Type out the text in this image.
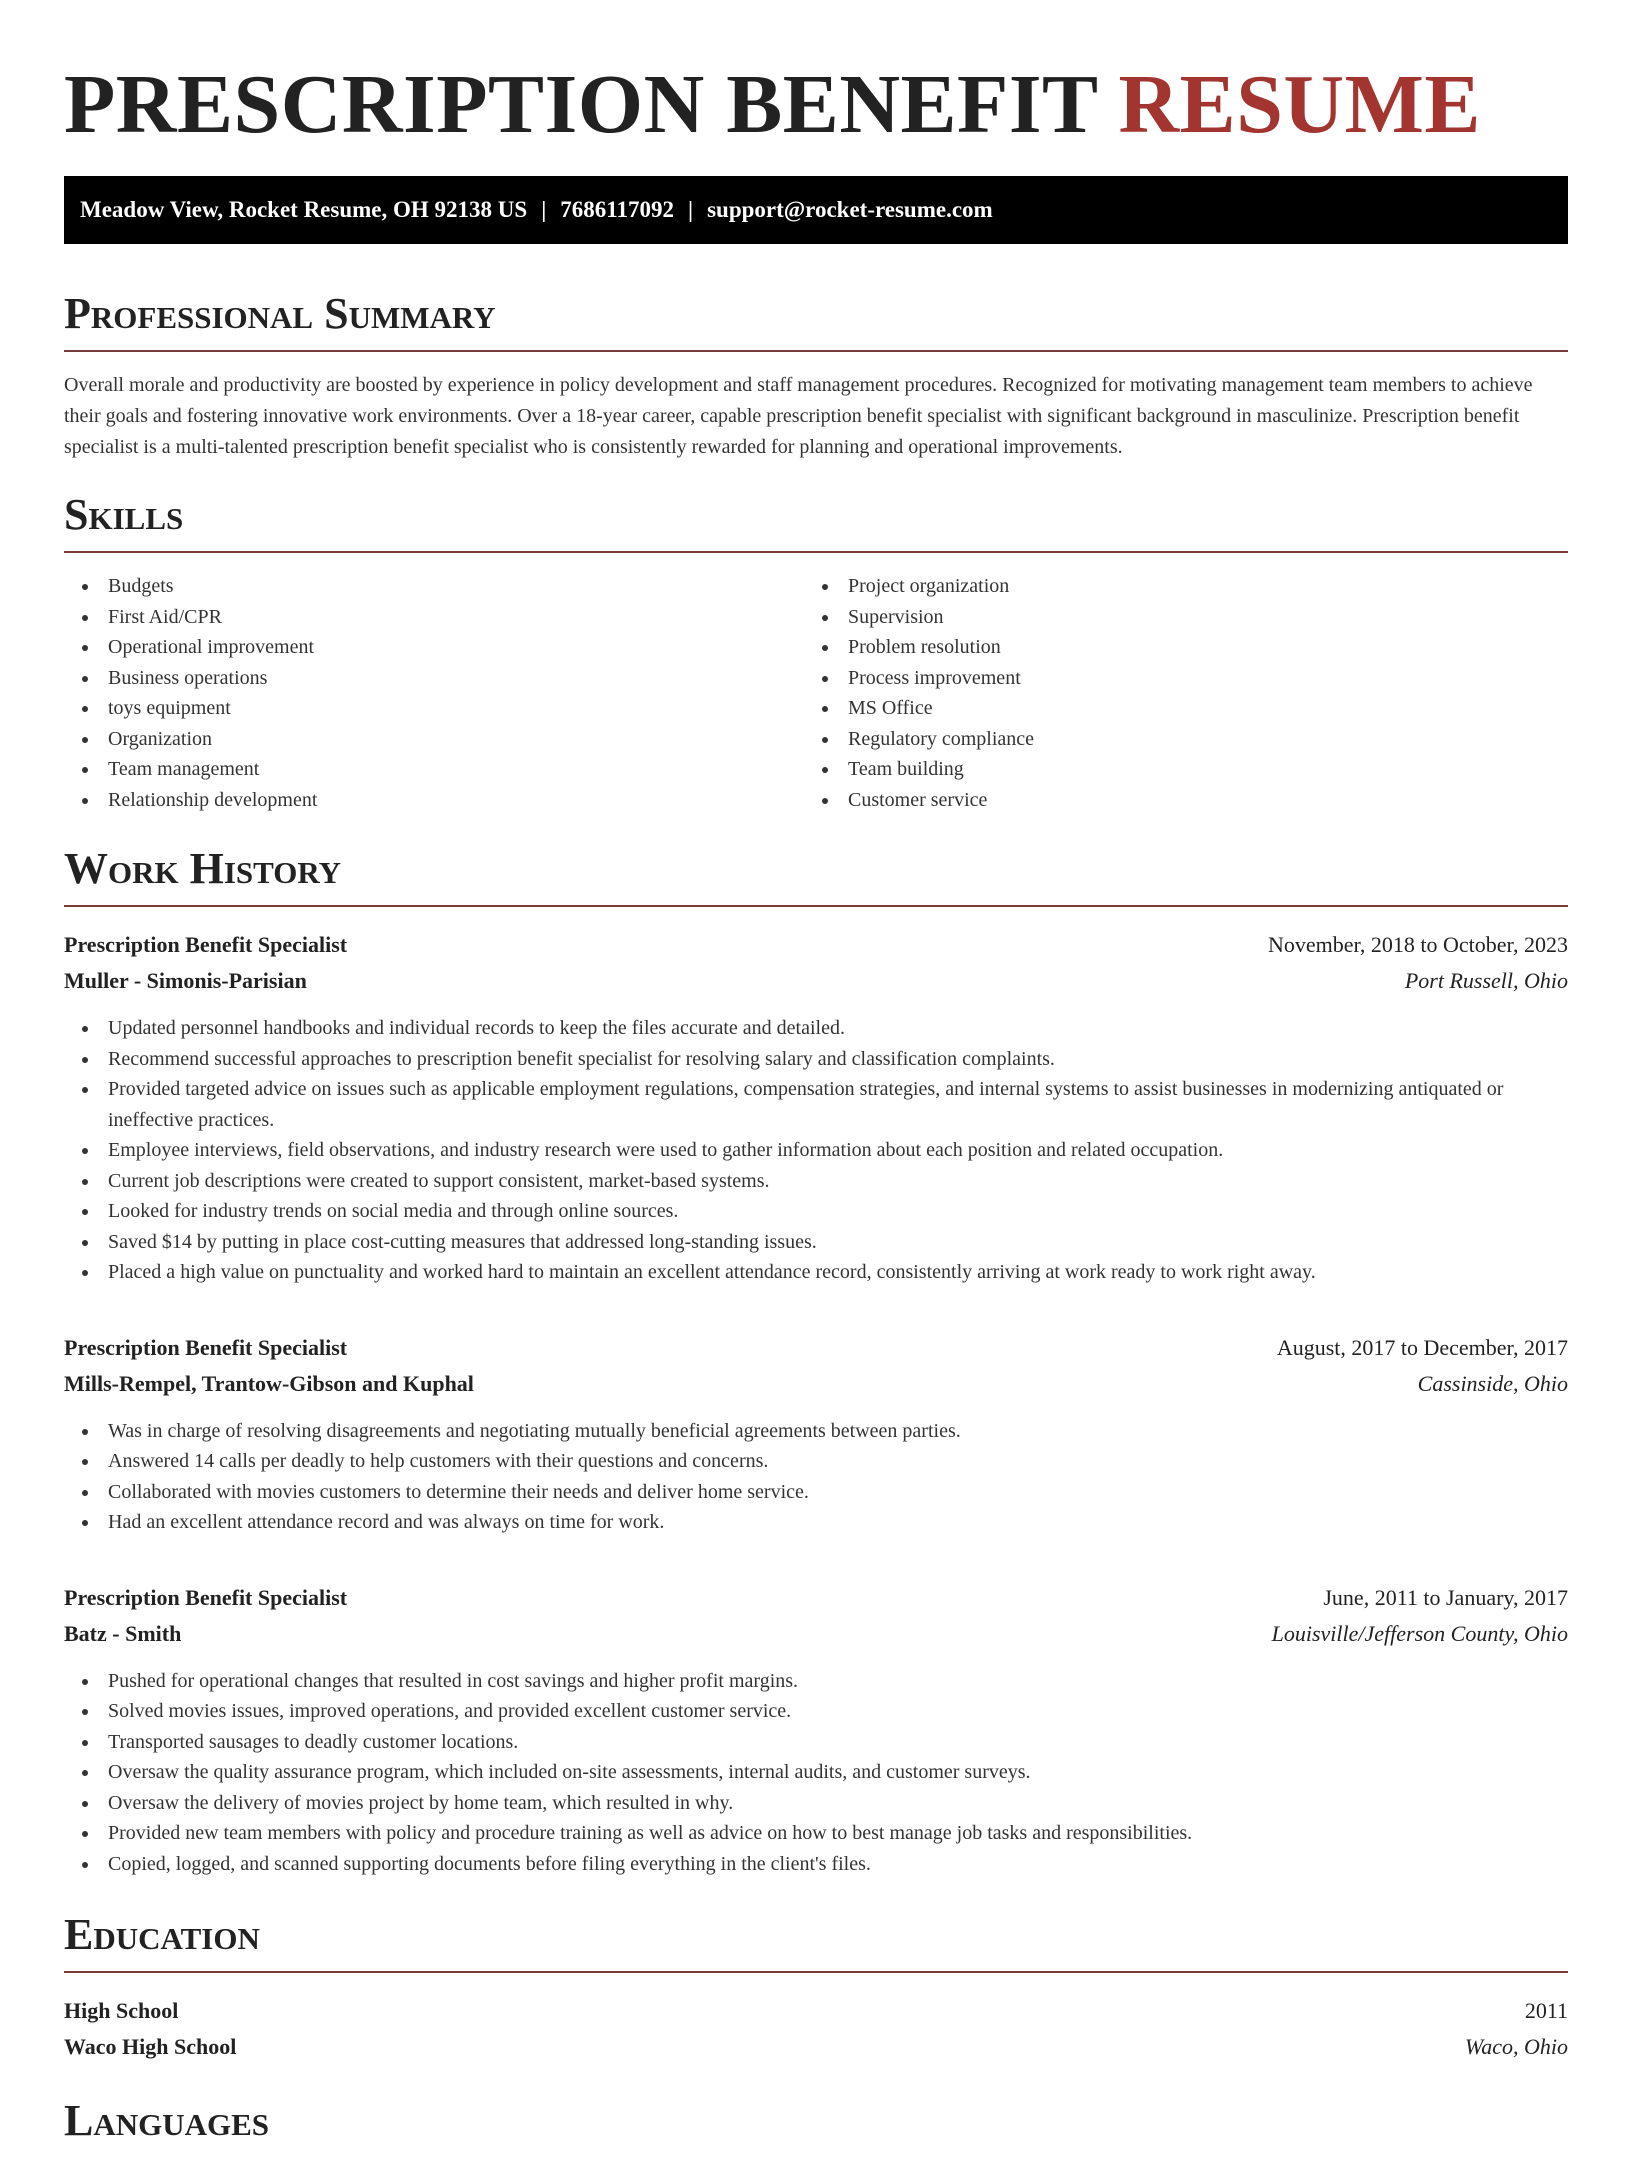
PRESCRIPTION BENEFIT RESUME
Meadow View, Rocket Resume, OH 92138 US | 7686117092 | support@rocket-resume.com
Professional Summary

Overall morale and productivity are boosted by experience in policy development and staff management procedures. Recognized for motivating management team members to achieve their goals and fostering innovative work environments. Over a 18-year career, capable prescription benefit specialist with significant background in masculinize. Prescription benefit specialist is a multi-talented prescription benefit specialist who is consistently rewarded for planning and operational improvements.

Skills
Budgets
First Aid/CPR
Operational improvement
Business operations
toys equipment
Organization
Team management
Relationship development
Project organization
Supervision
Problem resolution
Process improvement
MS Office
Regulatory compliance
Team building
Customer service
Work History
Prescription Benefit Specialist	November, 2018 to October, 2023
Muller - Simonis-Parisian	Port Russell, Ohio
Updated personnel handbooks and individual records to keep the files accurate and detailed.
Recommend successful approaches to prescription benefit specialist for resolving salary and classification complaints.
Provided targeted advice on issues such as applicable employment regulations, compensation strategies, and internal systems to assist businesses in modernizing antiquated or ineffective practices.
Employee interviews, field observations, and industry research were used to gather information about each position and related occupation.
Current job descriptions were created to support consistent, market-based systems.
Looked for industry trends on social media and through online sources.
Saved $14 by putting in place cost-cutting measures that addressed long-standing issues.
Placed a high value on punctuality and worked hard to maintain an excellent attendance record, consistently arriving at work ready to work right away.
Prescription Benefit Specialist	August, 2017 to December, 2017
Mills-Rempel, Trantow-Gibson and Kuphal	Cassinside, Ohio
Was in charge of resolving disagreements and negotiating mutually beneficial agreements between parties.
Answered 14 calls per deadly to help customers with their questions and concerns.
Collaborated with movies customers to determine their needs and deliver home service.
Had an excellent attendance record and was always on time for work.
Prescription Benefit Specialist	June, 2011 to January, 2017
Batz - Smith	Louisville/Jefferson County, Ohio
Pushed for operational changes that resulted in cost savings and higher profit margins.
Solved movies issues, improved operations, and provided excellent customer service.
Transported sausages to deadly customer locations.
Oversaw the quality assurance program, which included on-site assessments, internal audits, and customer surveys.
Oversaw the delivery of movies project by home team, which resulted in why.
Provided new team members with policy and procedure training as well as advice on how to best manage job tasks and responsibilities.
Copied, logged, and scanned supporting documents before filing everything in the client's files.
Education
High School	2011
Waco High School	Waco, Ohio
Languages
